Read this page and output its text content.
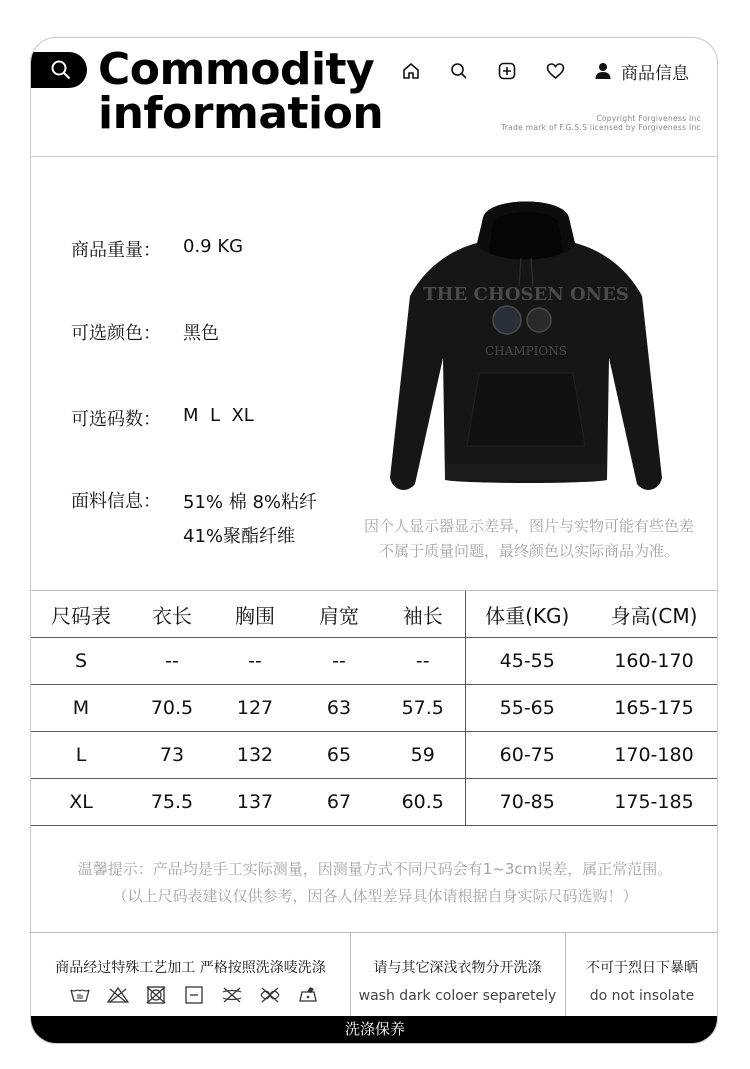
Commodity
information
商品信息
Copyright Forgiveness Inc
Trade mark of F.G.S.S licensed by Forgiveness Inc
商品重量：	0.9 KG
可选颜色：	黑色
可选码数：	M  L  XL
面料信息：	51% 棉 8%粘纤
41%聚酯纤维
THE CHOSEN ONES
CHAMPIONS
因个人显示器显示差异，图片与实物可能有些色差
不属于质量问题，最终颜色以实际商品为准。
尺码表	衣长	胸围	肩宽	袖长	体重(KG)	身高(CM)
S	--	--	--	--	45-55	160-170
M	70.5	127	63	57.5	55-65	165-175
L	73	132	65	59	60-75	170-180
XL	75.5	137	67	60.5	70-85	175-185

温馨提示：产品均是手工实际测量，因测量方式不同尺码会有1~3cm误差，属正常范围。

（以上尺码表建议仅供参考，因各人体型差异具体请根据自身实际尺码选购！）

商品经过特殊工艺加工 严格按照洗涤唛洗涤	请与其它深浅衣物分开洗涤
wash dark coloer separetely
不可于烈日下暴晒
do not insolate
洗涤保养
